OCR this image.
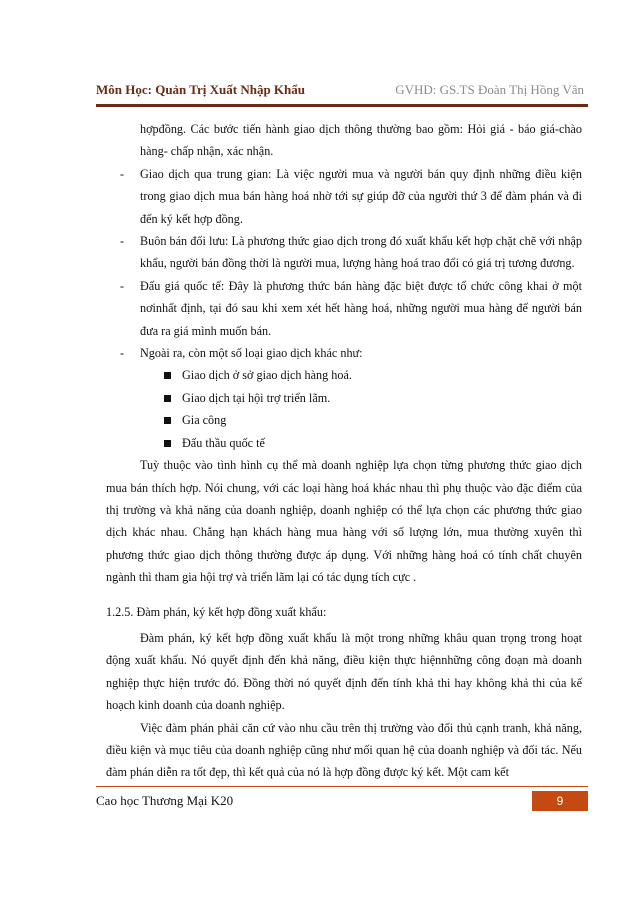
Môn Học: Quản Trị Xuất Nhập Khẩu	GVHD: GS.TS Đoàn Thị Hồng Vân

hợpđồng. Các bước tiến hành giao dịch thông thường bao gồm: Hỏi giá - báo giá-chào hàng- chấp nhận, xác nhận.

- Giao dịch qua trung gian: Là việc người mua và người bán quy định những điều kiện trong giao dịch mua bán hàng hoá nhờ tới sự giúp đỡ của người thứ 3 để đàm phán và đi đến ký kết hợp đồng.

- Buôn bán đối lưu: Là phương thức giao dịch trong đó xuất khẩu kết hợp chặt chẽ với nhập khẩu, người bán đồng thời là người mua, lượng hàng hoá trao đổi có giá trị tương đương.

- Đấu giá quốc tế: Đây là phương thức bán hàng đặc biệt được tổ chức công khai ở một nơinhất định, tại đó sau khi xem xét hết hàng hoá, những người mua hàng để người bán đưa ra giá mình muốn bán.

- Ngoài ra, còn một số loại giao dịch khác như:

Giao dịch ở sở giao dịch hàng hoá.

Giao dịch tại hội trợ triển lãm.

Gia công

Đấu thầu quốc tế

Tuỳ thuộc vào tình hình cụ thể mà doanh nghiệp lựa chọn từng phương thức giao dịch mua bán thích hợp. Nói chung, với các loại hàng hoá khác nhau thì phụ thuộc vào đặc điểm của thị trường và khả năng của doanh nghiệp, doanh nghiệp có thể lựa chọn các phương thức giao dịch khác nhau. Chẳng hạn khách hàng mua hàng với số lượng lớn, mua thường xuyên thì phương thức giao dịch thông thường được áp dụng. Với những hàng hoá có tính chất chuyên ngành thì tham gia hội trợ và triển lãm lại có tác dụng tích cực .

1.2.5. Đàm phán, ký kết hợp đồng xuất khẩu:

Đàm phán, ký kết hợp đồng xuất khẩu là một trong những khâu quan trọng trong hoạt động xuất khẩu. Nó quyết định đến khả năng, điều kiện thực hiệnnhững công đoạn mà doanh nghiệp thực hiện trước đó. Đồng thời nó quyết định đến tính khả thi hay không khả thi của kế hoạch kinh doanh của doanh nghiệp.

Việc đàm phán phải căn cứ vào nhu cầu trên thị trường vào đối thủ cạnh tranh, khả năng, điều kiện và mục tiêu của doanh nghiệp cũng như mối quan hệ của doanh nghiệp và đối tác. Nếu đàm phán diễn ra tốt đẹp, thì kết quả của nó là hợp đồng được ký kết. Một cam kết

Cao học Thương Mại K20	9
